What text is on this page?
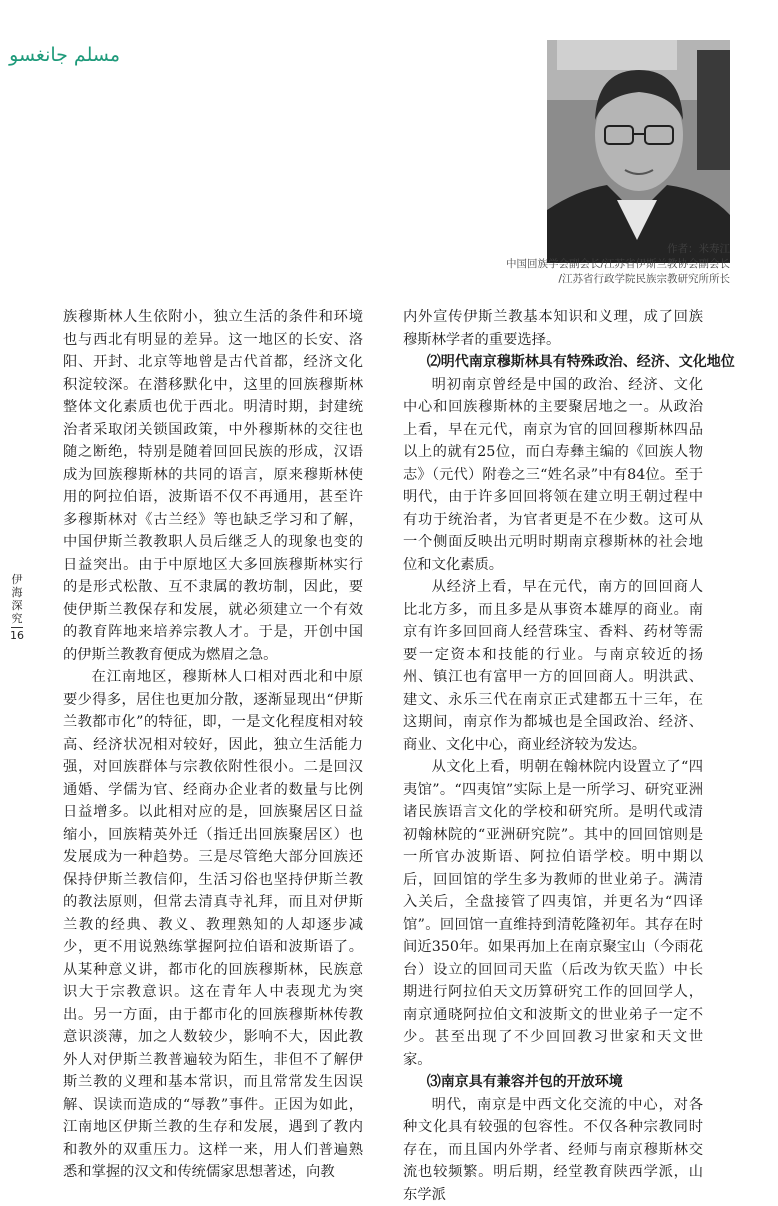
مسلم جانغسو
作者：米寿江
中国回族学会副会长/江苏省伊斯兰教协会副会长
/江苏省行政学院民族宗教研究所所长
伊
海
深
究
16

族穆斯林人生依附小，独立生活的条件和环境也与西北有明显的差异。这一地区的长安、洛阳、开封、北京等地曾是古代首都，经济文化积淀较深。在潜移默化中，这里的回族穆斯林整体文化素质也优于西北。明清时期，封建统治者采取闭关锁国政策，中外穆斯林的交往也随之断绝，特别是随着回回民族的形成，汉语成为回族穆斯林的共同的语言，原来穆斯林使用的阿拉伯语，波斯语不仅不再通用，甚至许多穆斯林对《古兰经》等也缺乏学习和了解，中国伊斯兰教教职人员后继乏人的现象也变的日益突出。由于中原地区大多回族穆斯林实行的是形式松散、互不隶属的教坊制，因此，要使伊斯兰教保存和发展，就必须建立一个有效的教育阵地来培养宗教人才。于是，开创中国的伊斯兰教教育便成为燃眉之急。

在江南地区，穆斯林人口相对西北和中原要少得多，居住也更加分散，逐渐显现出“伊斯兰教都市化”的特征，即，一是文化程度相对较高、经济状况相对较好，因此，独立生活能力强，对回族群体与宗教依附性很小。二是回汉通婚、学儒为官、经商办企业者的数量与比例日益增多。以此相对应的是，回族聚居区日益缩小，回族精英外迁（指迁出回族聚居区）也发展成为一种趋势。三是尽管绝大部分回族还保持伊斯兰教信仰，生活习俗也坚持伊斯兰教的教法原则，但常去清真寺礼拜，而且对伊斯兰教的经典、教义、教理熟知的人却逐步减少，更不用说熟练掌握阿拉伯语和波斯语了。从某种意义讲，都市化的回族穆斯林，民族意识大于宗教意识。这在青年人中表现尤为突出。另一方面，由于都市化的回族穆斯林传教意识淡薄，加之人数较少，影响不大，因此教外人对伊斯兰教普遍较为陌生，非但不了解伊斯兰教的义理和基本常识，而且常常发生因误解、误读而造成的“辱教”事件。正因为如此，江南地区伊斯兰教的生存和发展，遇到了教内和教外的双重压力。这样一来，用人们普遍熟悉和掌握的汉文和传统儒家思想著述，向教

内外宣传伊斯兰教基本知识和义理，成了回族穆斯林学者的重要选择。

⑵明代南京穆斯林具有特殊政治、经济、文化地位

明初南京曾经是中国的政治、经济、文化中心和回族穆斯林的主要聚居地之一。从政治上看，早在元代，南京为官的回回穆斯林四品以上的就有25位，而白寿彝主编的《回族人物志》（元代）附卷之三“姓名录”中有84位。至于明代，由于许多回回将领在建立明王朝过程中有功于统治者，为官者更是不在少数。这可从一个侧面反映出元明时期南京穆斯林的社会地位和文化素质。

从经济上看，早在元代，南方的回回商人比北方多，而且多是从事资本雄厚的商业。南京有许多回回商人经营珠宝、香料、药材等需要一定资本和技能的行业。与南京较近的扬州、镇江也有富甲一方的回回商人。明洪武、建文、永乐三代在南京正式建都五十三年，在这期间，南京作为都城也是全国政治、经济、商业、文化中心，商业经济较为发达。

从文化上看，明朝在翰林院内设置立了“四夷馆”。“四夷馆”实际上是一所学习、研究亚洲诸民族语言文化的学校和研究所。是明代或清初翰林院的“亚洲研究院”。其中的回回馆则是一所官办波斯语、阿拉伯语学校。明中期以后，回回馆的学生多为教师的世业弟子。满清入关后，全盘接管了四夷馆，并更名为“四译馆”。回回馆一直维持到清乾隆初年。其存在时间近350年。如果再加上在南京聚宝山（今雨花台）设立的回回司天监（后改为钦天监）中长期进行阿拉伯天文历算研究工作的回回学人，南京通晓阿拉伯文和波斯文的世业弟子一定不少。甚至出现了不少回回教习世家和天文世家。

⑶南京具有兼容并包的开放环境

明代，南京是中西文化交流的中心，对各种文化具有较强的包容性。不仅各种宗教同时存在，而且国内外学者、经师与南京穆斯林交流也较频繁。明后期，经堂教育陕西学派，山东学派
